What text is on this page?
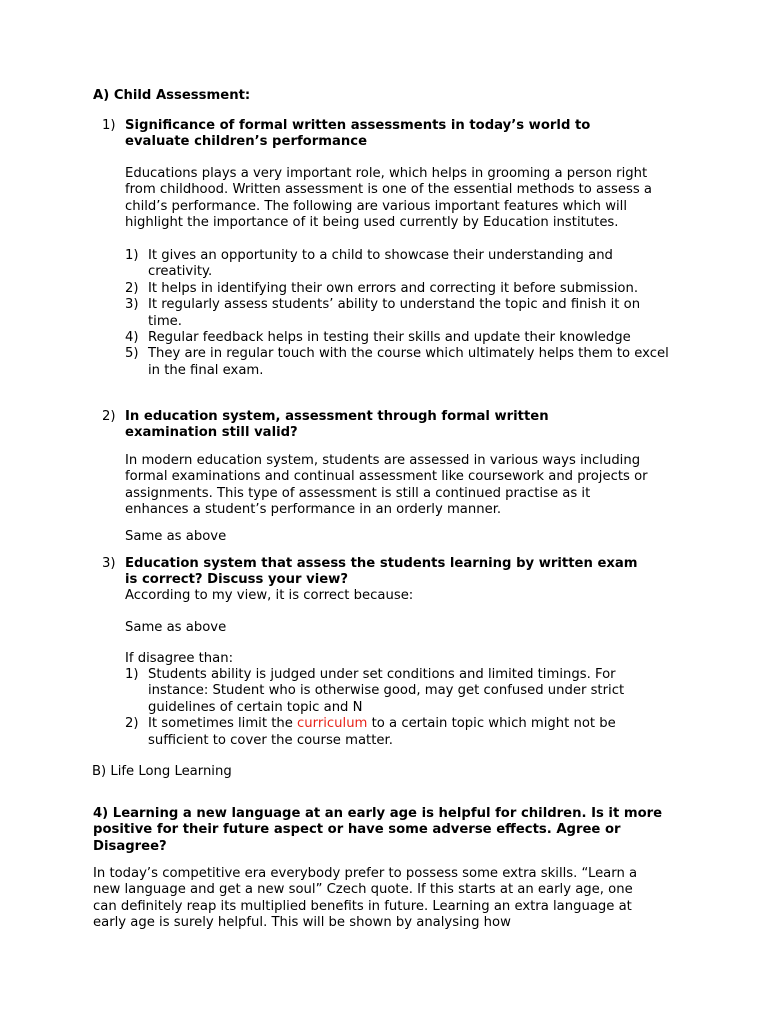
A) Child Assessment:
1) Significance of formal written assessments in today’s world to evaluate children’s performance
Educations plays a very important role, which helps in grooming a person right from childhood. Written assessment is one of the essential methods to assess a child’s performance. The following are various important features which will highlight the importance of it being used currently by Education institutes.
1) It gives an opportunity to a child to showcase their understanding and creativity.
2) It helps in identifying their own errors and correcting it before submission.
3) It regularly assess students’ ability to understand the topic and finish it on time.
4) Regular feedback helps in testing their skills and update their knowledge
5) They are in regular touch with the course which ultimately helps them to excel in the final exam.
2) In education system, assessment through formal written examination still valid?
In modern education system, students are assessed in various ways including formal examinations and continual assessment like coursework and projects or assignments. This type of assessment is still a continued practise as it enhances a student’s performance in an orderly manner.
Same as above
3) Education system that assess the students learning by written exam is correct? Discuss your view?
According to my view, it is correct because:
Same as above
If disagree than:
1) Students ability is judged under set conditions and limited timings. For instance: Student who is otherwise good, may get confused under strict guidelines of certain topic and N
2) It sometimes limit the curriculum to a certain topic which might not be sufficient to cover the course matter.
B) Life Long Learning
4) Learning a new language at an early age is helpful for children. Is it more positive for their future aspect or have some adverse effects. Agree or Disagree?
In today’s competitive era everybody prefer to possess some extra skills. “Learn a new language and get a new soul” Czech quote. If this starts at an early age, one can definitely reap its multiplied benefits in future. Learning an extra language at early age is surely helpful. This will be shown by analysing how
